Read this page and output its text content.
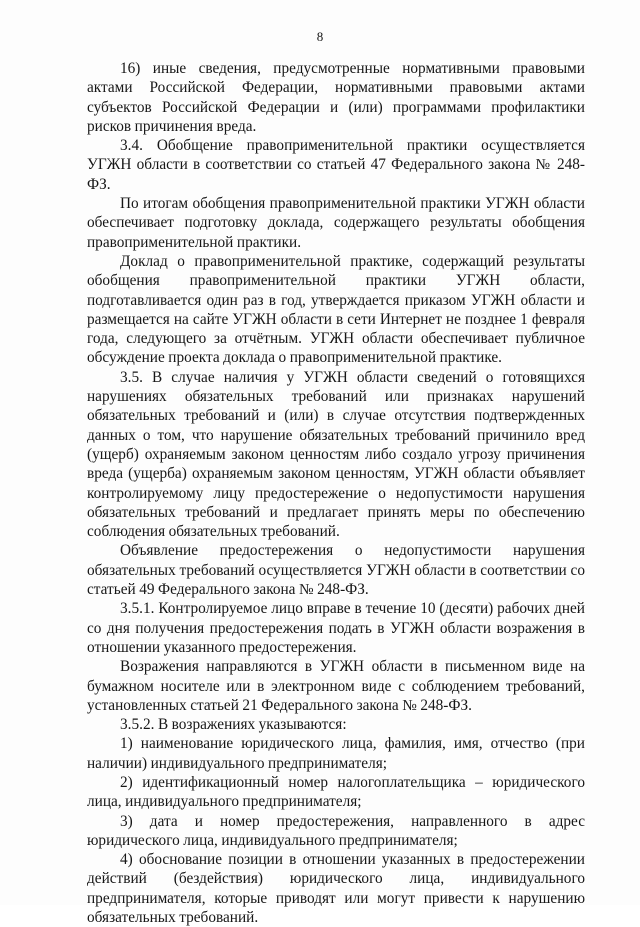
8

16) иные сведения, предусмотренные нормативными правовыми актами Российской Федерации, нормативными правовыми актами субъектов Российской Федерации и (или) программами профилактики рисков причинения вреда.

3.4. Обобщение правоприменительной практики осуществляется УГЖН области в соответствии со статьей 47 Федерального закона № 248-ФЗ.

По итогам обобщения правоприменительной практики УГЖН области обеспечивает подготовку доклада, содержащего результаты обобщения правоприменительной практики.

Доклад о правоприменительной практике, содержащий результаты обобщения правоприменительной практики УГЖН области, подготавливается один раз в год, утверждается приказом УГЖН области и размещается на сайте УГЖН области в сети Интернет не позднее 1 февраля года, следующего за отчётным. УГЖН области обеспечивает публичное обсуждение проекта доклада о правоприменительной практике.

3.5. В случае наличия у УГЖН области сведений о готовящихся нарушениях обязательных требований или признаках нарушений обязательных требований и (или) в случае отсутствия подтвержденных данных о том, что нарушение обязательных требований причинило вред (ущерб) охраняемым законом ценностям либо создало угрозу причинения вреда (ущерба) охраняемым законом ценностям, УГЖН области объявляет контролируемому лицу предостережение о недопустимости нарушения обязательных требований и предлагает принять меры по обеспечению соблюдения обязательных требований.

Объявление предостережения о недопустимости нарушения обязательных требований осуществляется УГЖН области в соответствии со статьей 49 Федерального закона № 248-ФЗ.

3.5.1. Контролируемое лицо вправе в течение 10 (десяти) рабочих дней со дня получения предостережения подать в УГЖН области возражения в отношении указанного предостережения.

Возражения направляются в УГЖН области в письменном виде на бумажном носителе или в электронном виде с соблюдением требований, установленных статьей 21 Федерального закона № 248-ФЗ.

3.5.2. В возражениях указываются:

1) наименование юридического лица, фамилия, имя, отчество (при наличии) индивидуального предпринимателя;

2) идентификационный номер налогоплательщика – юридического лица, индивидуального предпринимателя;

3) дата и номер предостережения, направленного в адрес юридического лица, индивидуального предпринимателя;

4) обоснование позиции в отношении указанных в предостережении действий (бездействия) юридического лица, индивидуального предпринимателя, которые приводят или могут привести к нарушению обязательных требований.
